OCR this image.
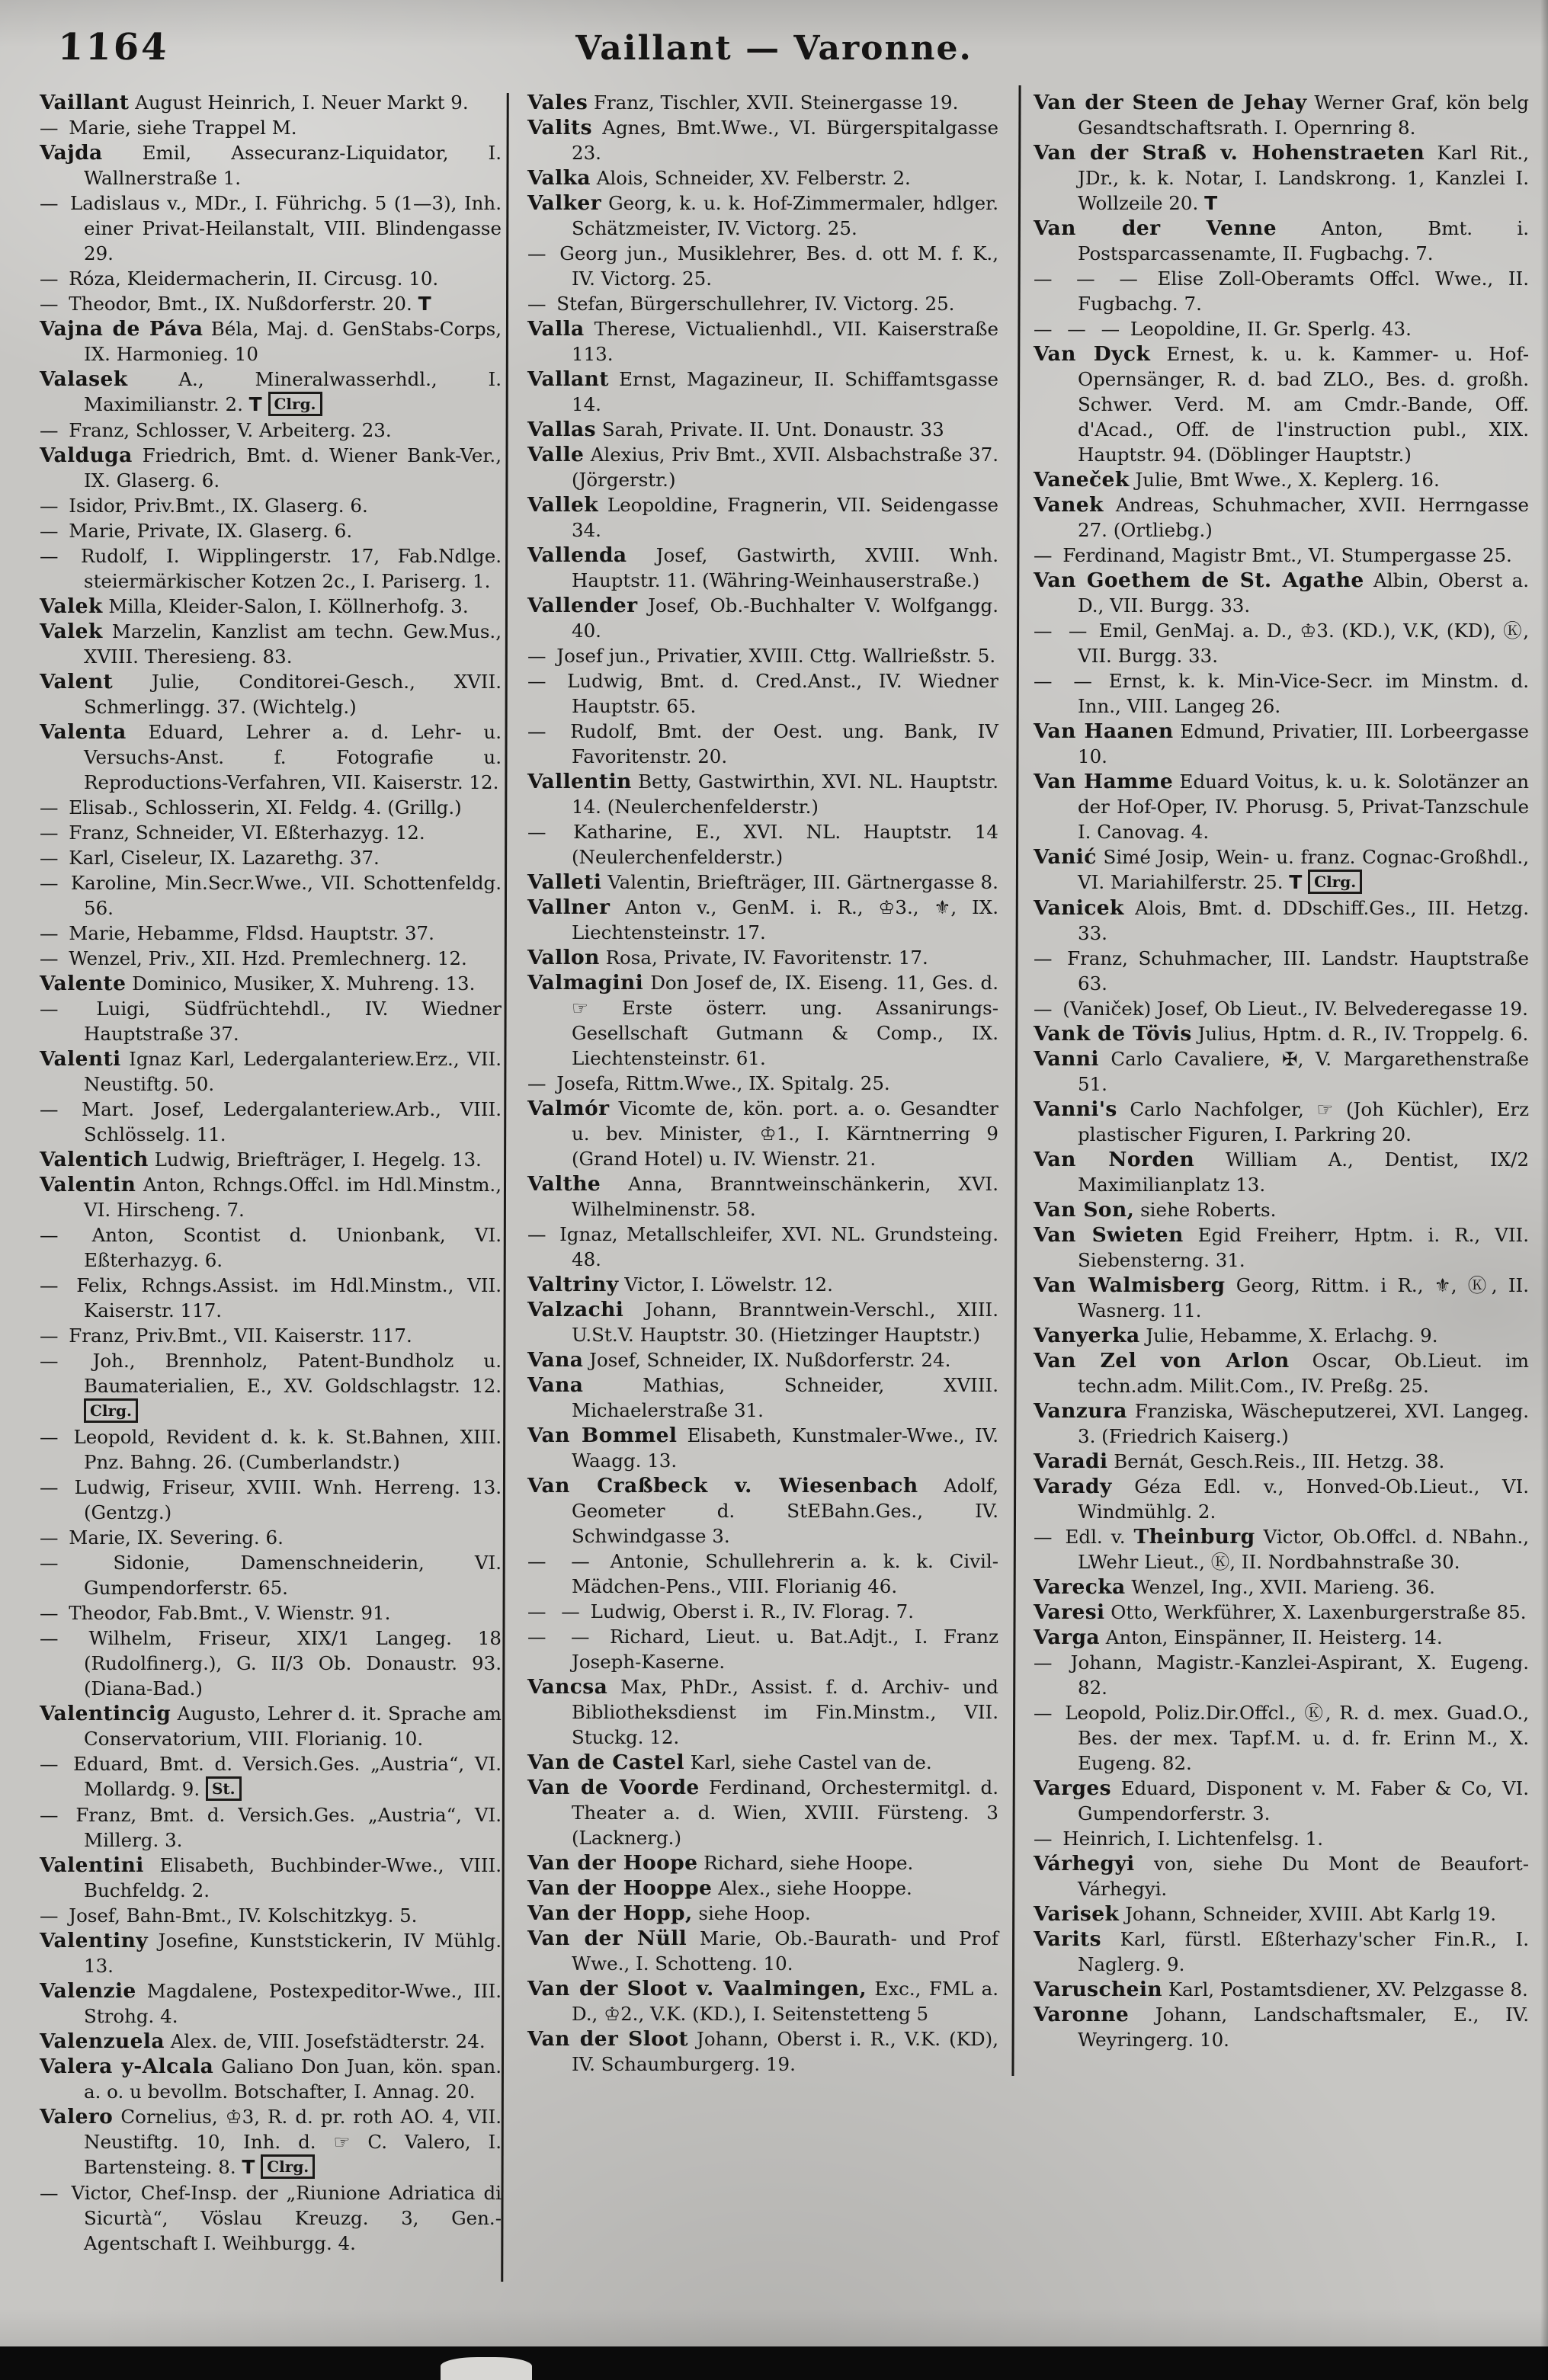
1164	Vaillant — Varonne.

Vaillant August Heinrich, I. Neuer Markt 9.

— Marie, siehe Trappel M.

Vajda Emil, Assecuranz-Liquidator, I. Wallnerstraße 1.

— Ladislaus v., MDr., I. Führichg. 5 (1—3), Inh. einer Privat-Heilanstalt, VIII. Blindengasse 29.

— Róza, Kleidermacherin, II. Circusg. 10.

— Theodor, Bmt., IX. Nußdorferstr. 20. T

Vajna de Páva Béla, Maj. d. GenStabs-Corps, IX. Harmonieg. 10

Valasek A., Mineralwasserhdl., I. Maximilianstr. 2. T Clrg.

— Franz, Schlosser, V. Arbeiterg. 23.

Valduga Friedrich, Bmt. d. Wiener Bank-Ver., IX. Glaserg. 6.

— Isidor, Priv.Bmt., IX. Glaserg. 6.

— Marie, Private, IX. Glaserg. 6.

— Rudolf, I. Wipplingerstr. 17, Fab.Ndlge. steiermärkischer Kotzen 2c., I. Pariserg. 1.

Valek Milla, Kleider-Salon, I. Köllnerhofg. 3.

Valek Marzelin, Kanzlist am techn. Gew.Mus., XVIII. Theresieng. 83.

Valent Julie, Conditorei-Gesch., XVII. Schmerlingg. 37. (Wichtelg.)

Valenta Eduard, Lehrer a. d. Lehr- u. Versuchs-Anst. f. Fotografie u. Reproductions-Verfahren, VII. Kaiserstr. 12.

— Elisab., Schlosserin, XI. Feldg. 4. (Grillg.)

— Franz, Schneider, VI. Eßterhazyg. 12.

— Karl, Ciseleur, IX. Lazarethg. 37.

— Karoline, Min.Secr.Wwe., VII. Schottenfeldg. 56.

— Marie, Hebamme, Fldsd. Hauptstr. 37.

— Wenzel, Priv., XII. Hzd. Premlechnerg. 12.

Valente Dominico, Musiker, X. Muhreng. 13.

— Luigi, Südfrüchtehdl., IV. Wiedner Hauptstraße 37.

Valenti Ignaz Karl, Ledergalanteriew.Erz., VII. Neustiftg. 50.

— Mart. Josef, Ledergalanteriew.Arb., VIII. Schlösselg. 11.

Valentich Ludwig, Briefträger, I. Hegelg. 13.

Valentin Anton, Rchngs.Offcl. im Hdl.Minstm., VI. Hirscheng. 7.

— Anton, Scontist d. Unionbank, VI. Eßterhazyg. 6.

— Felix, Rchngs.Assist. im Hdl.Minstm., VII. Kaiserstr. 117.

— Franz, Priv.Bmt., VII. Kaiserstr. 117.

— Joh., Brennholz, Patent-Bundholz u. Baumaterialien, E., XV. Goldschlagstr. 12. Clrg.

— Leopold, Revident d. k. k. St.Bahnen, XIII. Pnz. Bahng. 26. (Cumberlandstr.)

— Ludwig, Friseur, XVIII. Wnh. Herreng. 13. (Gentzg.)

— Marie, IX. Severing. 6.

— Sidonie, Damenschneiderin, VI. Gumpendorferstr. 65.

— Theodor, Fab.Bmt., V. Wienstr. 91.

— Wilhelm, Friseur, XIX/1 Langeg. 18 (Rudolfinerg.), G. II/3 Ob. Donaustr. 93. (Diana-Bad.)

Valentincig Augusto, Lehrer d. it. Sprache am Conservatorium, VIII. Florianig. 10.

— Eduard, Bmt. d. Versich.Ges. „Austria“, VI. Mollardg. 9. St.

— Franz, Bmt. d. Versich.Ges. „Austria“, VI. Millerg. 3.

Valentini Elisabeth, Buchbinder-Wwe., VIII. Buchfeldg. 2.

— Josef, Bahn-Bmt., IV. Kolschitzkyg. 5.

Valentiny Josefine, Kunststickerin, IV Mühlg. 13.

Valenzie Magdalene, Postexpeditor-Wwe., III. Strohg. 4.

Valenzuela Alex. de, VIII. Josefstädterstr. 24.

Valera y-Alcala Galiano Don Juan, kön. span. a. o. u bevollm. Botschafter, I. Annag. 20.

Valero Cornelius, ♔3, R. d. pr. roth AO. 4, VII. Neustiftg. 10, Inh. d. ☞ C. Valero, I. Bartensteing. 8. T Clrg.

— Victor, Chef-Insp. der „Riunione Adriatica di Sicurtà“, Vöslau Kreuzg. 3, Gen.-Agentschaft I. Weihburgg. 4.

Vales Franz, Tischler, XVII. Steinergasse 19.

Valits Agnes, Bmt.Wwe., VI. Bürgerspitalgasse 23.

Valka Alois, Schneider, XV. Felberstr. 2.

Valker Georg, k. u. k. Hof-Zimmermaler, hdlger. Schätzmeister, IV. Victorg. 25.

— Georg jun., Musiklehrer, Bes. d. ott M. f. K., IV. Victorg. 25.

— Stefan, Bürgerschullehrer, IV. Victorg. 25.

Valla Therese, Victualienhdl., VII. Kaiserstraße 113.

Vallant Ernst, Magazineur, II. Schiffamtsgasse 14.

Vallas Sarah, Private. II. Unt. Donaustr. 33

Valle Alexius, Priv Bmt., XVII. Alsbachstraße 37. (Jörgerstr.)

Vallek Leopoldine, Fragnerin, VII. Seidengasse 34.

Vallenda Josef, Gastwirth, XVIII. Wnh. Hauptstr. 11. (Währing-Weinhauserstraße.)

Vallender Josef, Ob.-Buchhalter V. Wolfgangg. 40.

— Josef jun., Privatier, XVIII. Cttg. Wallrießstr. 5.

— Ludwig, Bmt. d. Cred.Anst., IV. Wiedner Hauptstr. 65.

— Rudolf, Bmt. der Oest. ung. Bank, IV Favoritenstr. 20.

Vallentin Betty, Gastwirthin, XVI. NL. Hauptstr. 14. (Neulerchenfelderstr.)

— Katharine, E., XVI. NL. Hauptstr. 14 (Neulerchenfelderstr.)

Valleti Valentin, Briefträger, III. Gärtnergasse 8.

Vallner Anton v., GenM. i. R., ♔3., ⚜, IX. Liechtensteinstr. 17.

Vallon Rosa, Private, IV. Favoritenstr. 17.

Valmagini Don Josef de, IX. Eiseng. 11, Ges. d. ☞ Erste österr. ung. Assanirungs-Gesellschaft Gutmann & Comp., IX. Liechtensteinstr. 61.

— Josefa, Rittm.Wwe., IX. Spitalg. 25.

Valmór Vicomte de, kön. port. a. o. Gesandter u. bev. Minister, ♔1., I. Kärntnerring 9 (Grand Hotel) u. IV. Wienstr. 21.

Valthe Anna, Branntweinschänkerin, XVI. Wilhelminenstr. 58.

— Ignaz, Metallschleifer, XVI. NL. Grundsteing. 48.

Valtriny Victor, I. Löwelstr. 12.

Valzachi Johann, Branntwein-Verschl., XIII. U.St.V. Hauptstr. 30. (Hietzinger Hauptstr.)

Vana Josef, Schneider, IX. Nußdorferstr. 24.

Vana Mathias, Schneider, XVIII. Michaelerstraße 31.

Van Bommel Elisabeth, Kunstmaler-Wwe., IV. Waagg. 13.

Van Craßbeck v. Wiesenbach Adolf, Geometer d. StEBahn.Ges., IV. Schwindgasse 3.

— — Antonie, Schullehrerin a. k. k. Civil-Mädchen-Pens., VIII. Florianig 46.

— — Ludwig, Oberst i. R., IV. Florag. 7.

— — Richard, Lieut. u. Bat.Adjt., I. Franz Joseph-Kaserne.

Vancsa Max, PhDr., Assist. f. d. Archiv- und Bibliotheksdienst im Fin.Minstm., VII. Stuckg. 12.

Van de Castel Karl, siehe Castel van de.

Van de Voorde Ferdinand, Orchestermitgl. d. Theater a. d. Wien, XVIII. Fürsteng. 3 (Lacknerg.)

Van der Hoope Richard, siehe Hoope.

Van der Hooppe Alex., siehe Hooppe.

Van der Hopp, siehe Hoop.

Van der Nüll Marie, Ob.-Baurath- und Prof Wwe., I. Schotteng. 10.

Van der Sloot v. Vaalmingen, Exc., FML a. D., ♔2., V.K. (KD.), I. Seitenstetteng 5

Van der Sloot Johann, Oberst i. R., V.K. (KD), IV. Schaumburgerg. 19.

Van der Steen de Jehay Werner Graf, kön belg Gesandtschaftsrath. I. Opernring 8.

Van der Straß v. Hohenstraeten Karl Rit., JDr., k. k. Notar, I. Landskrong. 1, Kanzlei I. Wollzeile 20. T

Van der Venne Anton, Bmt. i. Postsparcassenamte, II. Fugbachg. 7.

— — — Elise Zoll-Oberamts Offcl. Wwe., II. Fugbachg. 7.

— — — Leopoldine, II. Gr. Sperlg. 43.

Van Dyck Ernest, k. u. k. Kammer- u. Hof-Opernsänger, R. d. bad ZLO., Bes. d. großh. Schwer. Verd. M. am Cmdr.-Bande, Off. d'Acad., Off. de l'instruction publ., XIX. Hauptstr. 94. (Döblinger Hauptstr.)

Vaneček Julie, Bmt Wwe., X. Keplerg. 16.

Vanek Andreas, Schuhmacher, XVII. Herrngasse 27. (Ortliebg.)

— Ferdinand, Magistr Bmt., VI. Stumpergasse 25.

Van Goethem de St. Agathe Albin, Oberst a. D., VII. Burgg. 33.

— — Emil, GenMaj. a. D., ♔3. (KD.), V.K, (KD), Ⓚ, VII. Burgg. 33.

— — Ernst, k. k. Min-Vice-Secr. im Minstm. d. Inn., VIII. Langeg 26.

Van Haanen Edmund, Privatier, III. Lorbeergasse 10.

Van Hamme Eduard Voitus, k. u. k. Solotänzer an der Hof-Oper, IV. Phorusg. 5, Privat-Tanzschule I. Canovag. 4.

Vanić Simé Josip, Wein- u. franz. Cognac-Großhdl., VI. Mariahilferstr. 25. T Clrg.

Vanicek Alois, Bmt. d. DDschiff.Ges., III. Hetzg. 33.

— Franz, Schuhmacher, III. Landstr. Hauptstraße 63.

— (Vaniček) Josef, Ob Lieut., IV. Belvederegasse 19.

Vank de Tövis Julius, Hptm. d. R., IV. Troppelg. 6.

Vanni Carlo Cavaliere, ✠, V. Margarethenstraße 51.

Vanni's Carlo Nachfolger, ☞ (Joh Küchler), Erz plastischer Figuren, I. Parkring 20.

Van Norden William A., Dentist, IX/2 Maximilianplatz 13.

Van Son, siehe Roberts.

Van Swieten Egid Freiherr, Hptm. i. R., VII. Siebensterng. 31.

Van Walmisberg Georg, Rittm. i R., ⚜, Ⓚ, II. Wasnerg. 11.

Vanyerka Julie, Hebamme, X. Erlachg. 9.

Van Zel von Arlon Oscar, Ob.Lieut. im techn.adm. Milit.Com., IV. Preßg. 25.

Vanzura Franziska, Wäscheputzerei, XVI. Langeg. 3. (Friedrich Kaiserg.)

Varadi Bernát, Gesch.Reis., III. Hetzg. 38.

Varady Géza Edl. v., Honved-Ob.Lieut., VI. Windmühlg. 2.

— Edl. v. Theinburg Victor, Ob.Offcl. d. NBahn., LWehr Lieut., Ⓚ, II. Nordbahnstraße 30.

Varecka Wenzel, Ing., XVII. Marieng. 36.

Varesi Otto, Werkführer, X. Laxenburgerstraße 85.

Varga Anton, Einspänner, II. Heisterg. 14.

— Johann, Magistr.-Kanzlei-Aspirant, X. Eugeng. 82.

— Leopold, Poliz.Dir.Offcl., Ⓚ, R. d. mex. Guad.O., Bes. der mex. Tapf.M. u. d. fr. Erinn M., X. Eugeng. 82.

Varges Eduard, Disponent v. M. Faber & Co, VI. Gumpendorferstr. 3.

— Heinrich, I. Lichtenfelsg. 1.

Várhegyi von, siehe Du Mont de Beaufort-Várhegyi.

Varisek Johann, Schneider, XVIII. Abt Karlg 19.

Varits Karl, fürstl. Eßterhazy'scher Fin.R., I. Naglerg. 9.

Varuschein Karl, Postamtsdiener, XV. Pelzgasse 8.

Varonne Johann, Landschaftsmaler, E., IV. Weyringerg. 10.
